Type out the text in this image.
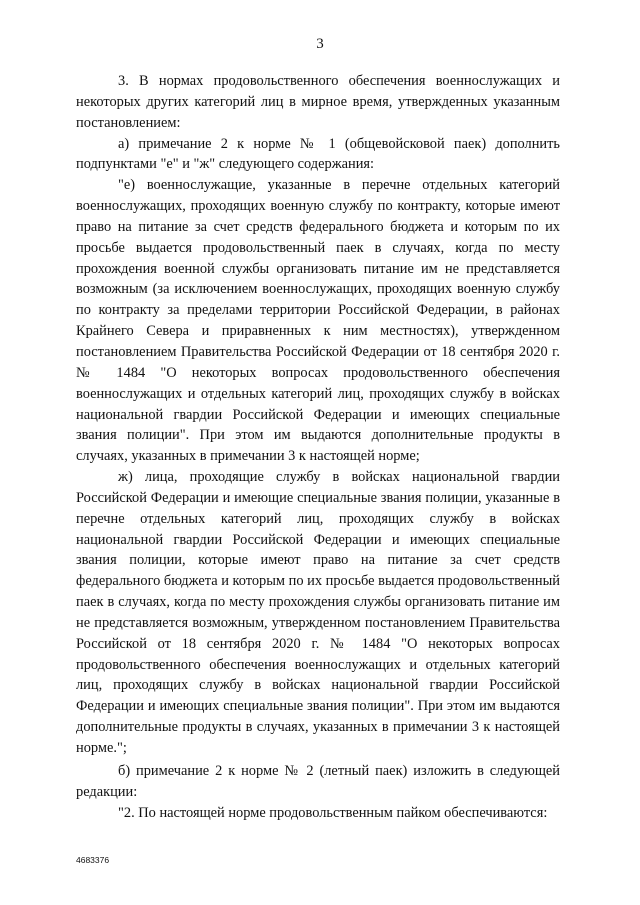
3

3. В нормах продовольственного обеспечения военнослужащих и некоторых других категорий лиц в мирное время, утвержденных указанным постановлением:

а) примечание 2 к норме № 1 (общевойсковой паек) дополнить подпунктами "е" и "ж" следующего содержания:

"е) военнослужащие, указанные в перечне отдельных категорий военнослужащих, проходящих военную службу по контракту, которые имеют право на питание за счет средств федерального бюджета и которым по их просьбе выдается продовольственный паек в случаях, когда по месту прохождения военной службы организовать питание им не представляется возможным (за исключением военнослужащих, проходящих военную службу по контракту за пределами территории Российской Федерации, в районах Крайнего Севера и приравненных к ним местностях), утвержденном постановлением Правительства Российской Федерации от 18 сентября 2020 г. № 1484 "О некоторых вопросах продовольственного обеспечения военнослужащих и отдельных категорий лиц, проходящих службу в войсках национальной гвардии Российской Федерации и имеющих специальные звания полиции". При этом им выдаются дополнительные продукты в случаях, указанных в примечании 3 к настоящей норме;

ж) лица, проходящие службу в войсках национальной гвардии Российской Федерации и имеющие специальные звания полиции, указанные в перечне отдельных категорий лиц, проходящих службу в войсках национальной гвардии Российской Федерации и имеющих специальные звания полиции, которые имеют право на питание за счет средств федерального бюджета и которым по их просьбе выдается продовольственный паек в случаях, когда по месту прохождения службы организовать питание им не представляется возможным, утвержденном постановлением Правительства Российской от 18 сентября 2020 г. № 1484 "О некоторых вопросах продовольственного обеспечения военнослужащих и отдельных категорий лиц, проходящих службу в войсках национальной гвардии Российской Федерации и имеющих специальные звания полиции". При этом им выдаются дополнительные продукты в случаях, указанных в примечании 3 к настоящей норме.";

б) примечание 2 к норме № 2 (летный паек) изложить в следующей редакции:

"2. По настоящей норме продовольственным пайком обеспечиваются:

4683376
